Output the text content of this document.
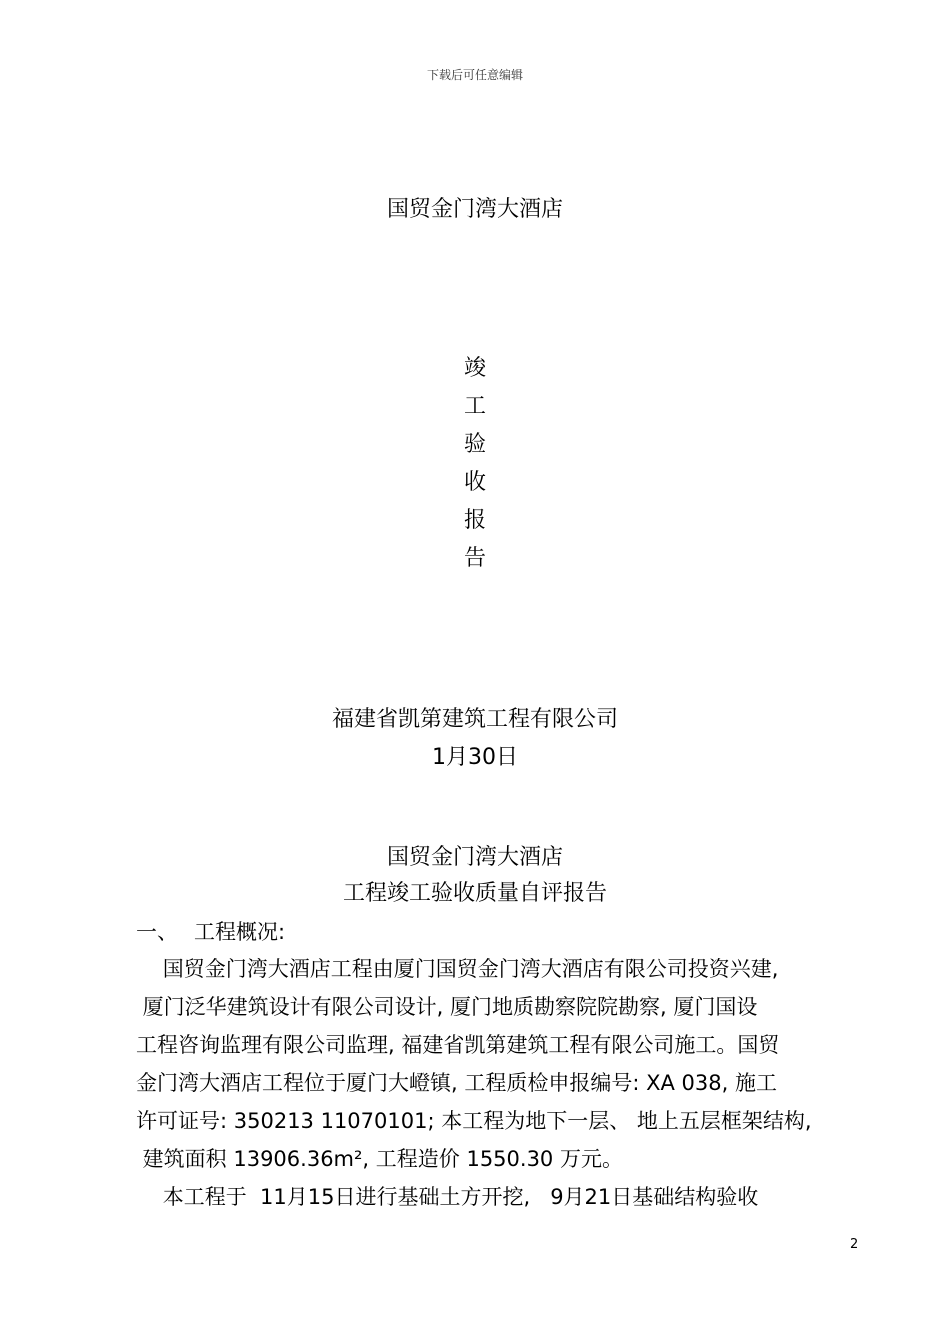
下载后可任意编辑
国贸金门湾大酒店
竣
工
验
收
报
告
福建省凯第建筑工程有限公司
1月30日
国贸金门湾大酒店
工程竣工验收质量自评报告
一、 工程概况:
国贸金门湾大酒店工程由厦门国贸金门湾大酒店有限公司投资兴建,
厦门泛华建筑设计有限公司设计, 厦门地质勘察院院勘察, 厦门国设
工程咨询监理有限公司监理, 福建省凯第建筑工程有限公司施工。国贸
金门湾大酒店工程位于厦门大嶝镇, 工程质检申报编号: XA 038, 施工
许可证号: 350213 11070101; 本工程为地下一层、 地上五层框架结构,
建筑面积 13906.36m², 工程造价 1550.30 万元。
本工程于  11月15日进行基础土方开挖,   9月21日基础结构验收
2
